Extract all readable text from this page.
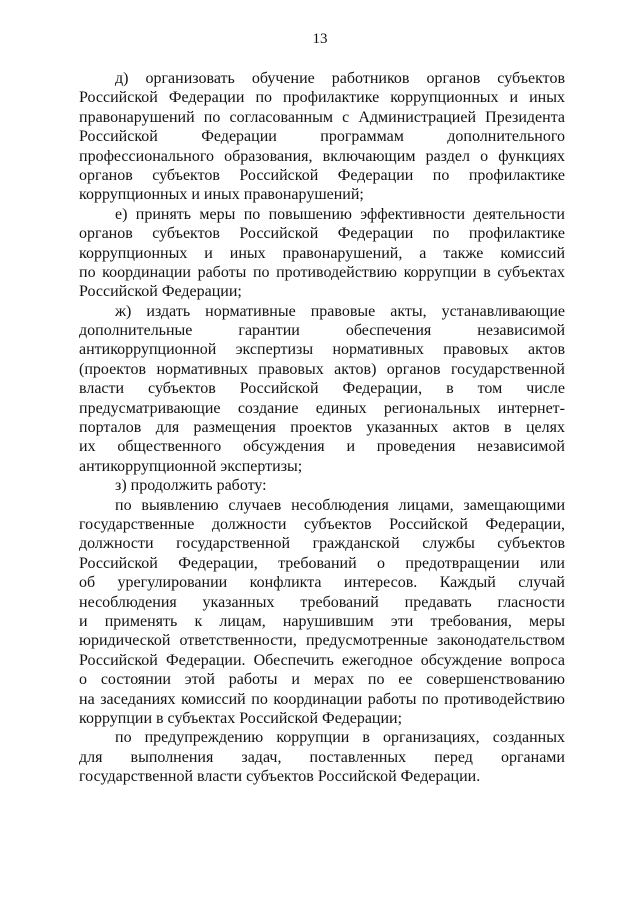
13
д) организовать обучение работников органов субъектов
Российской Федерации по профилактике коррупционных и иных
правонарушений по согласованным с Администрацией Президента
Российской Федерации программам дополнительного
профессионального образования, включающим раздел о функциях
органов субъектов Российской Федерации по профилактике
коррупционных и иных правонарушений;
е) принять меры по повышению эффективности деятельности
органов субъектов Российской Федерации по профилактике
коррупционных и иных правонарушений, а также комиссий
по координации работы по противодействию коррупции в субъектах
Российской Федерации;
ж) издать нормативные правовые акты, устанавливающие
дополнительные гарантии обеспечения независимой
антикоррупционной экспертизы нормативных правовых актов
(проектов нормативных правовых актов) органов государственной
власти субъектов Российской Федерации, в том числе
предусматривающие создание единых региональных интернет-
порталов для размещения проектов указанных актов в целях
их общественного обсуждения и проведения независимой
антикоррупционной экспертизы;
з) продолжить работу:
по выявлению случаев несоблюдения лицами, замещающими
государственные должности субъектов Российской Федерации,
должности государственной гражданской службы субъектов
Российской Федерации, требований о предотвращении или
об урегулировании конфликта интересов. Каждый случай
несоблюдения указанных требований предавать гласности
и применять к лицам, нарушившим эти требования, меры
юридической ответственности, предусмотренные законодательством
Российской Федерации. Обеспечить ежегодное обсуждение вопроса
о состоянии этой работы и мерах по ее совершенствованию
на заседаниях комиссий по координации работы по противодействию
коррупции в субъектах Российской Федерации;
по предупреждению коррупции в организациях, созданных
для выполнения задач, поставленных перед органами
государственной власти субъектов Российской Федерации.
